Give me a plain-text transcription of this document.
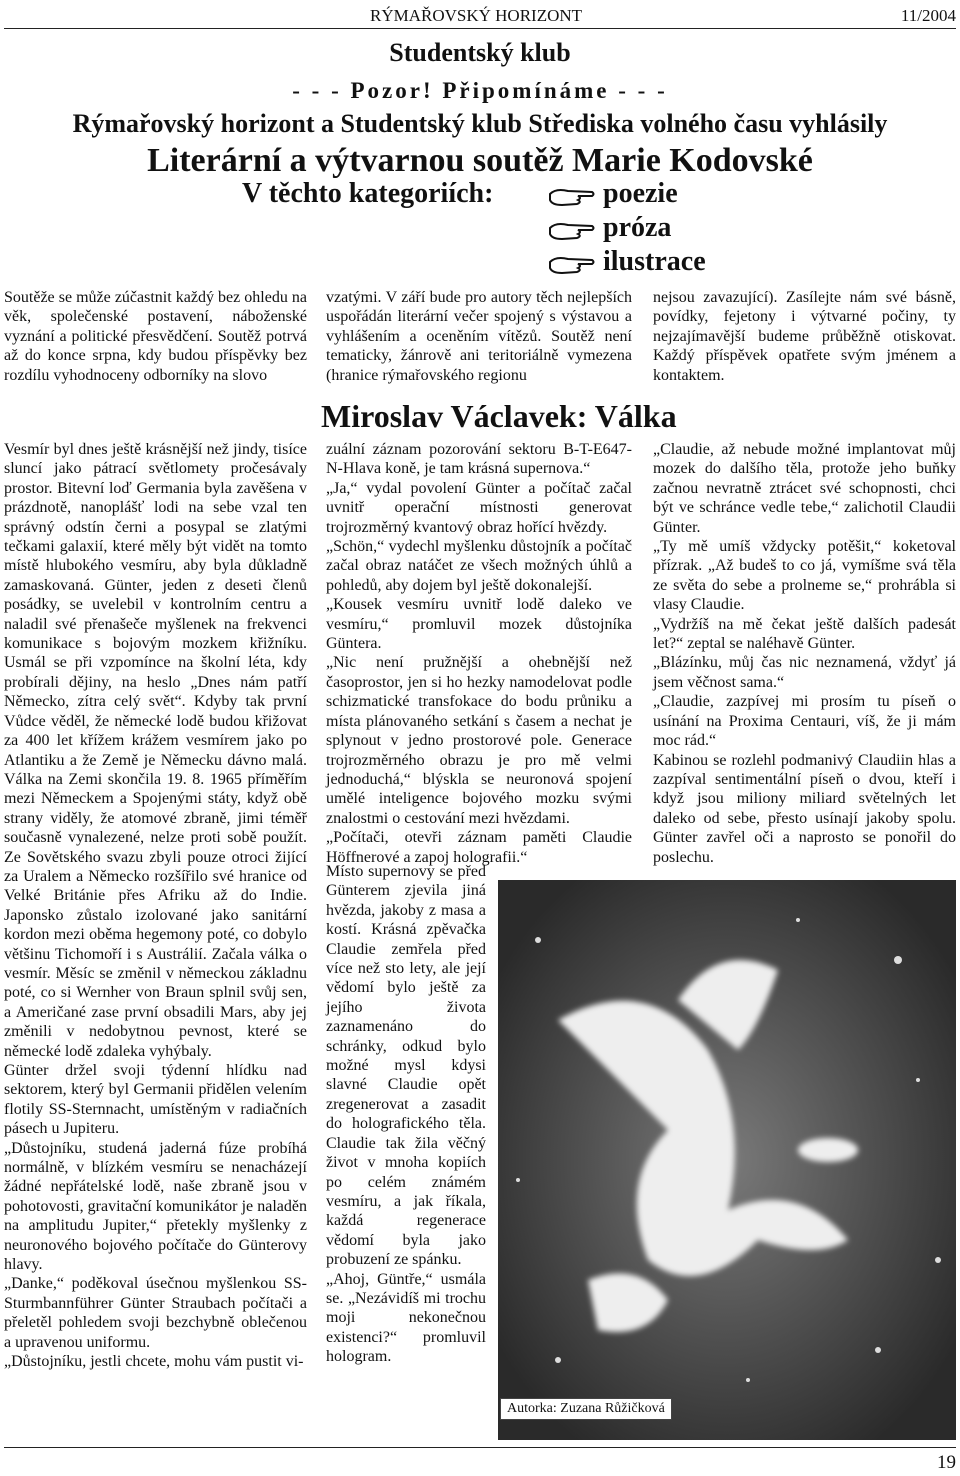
RÝMAŘOVSKÝ HORIZONT	11/2004
Studentský klub
- - - Pozor! Připomínáme - - -
Rýmařovský horizont a Studentský klub Střediska volného času vyhlásily
Literární a výtvarnou soutěž Marie Kodovské
V těchto kategoriích:	poezie
próza
ilustrace

Soutěže se může zúčastnit každý bez ohledu na věk, společenské postavení, náboženské vyznání a politické přesvědčení. Soutěž potrvá až do konce srpna, kdy budou příspěvky bez rozdílu vyhodnoceny odborníky na slovo

vzatými. V září bude pro autory těch nejlepších uspořádán literární večer spojený s výstavou a vyhlášením a oceněním vítězů. Soutěž není tematicky, žánrově ani teritoriálně vymezena (hranice rýmařovského regionu

nejsou zavazující). Zasílejte nám své básně, povídky, fejetony i výtvarné počiny, ty nejzajímavější budeme průběžně otiskovat. Každý příspěvek opatřete svým jménem a kontaktem.

Miroslav Václavek: Válka

Vesmír byl dnes ještě krásnější než jindy, tisíce sluncí jako pátrací světlomety pročesávaly prostor. Bitevní loď Germania byla zavěšena v prázdnotě, nanoplášť lodi na sebe vzal ten správný odstín černi a posypal se zlatými tečkami galaxií, které měly být vidět na tomto místě hlubokého vesmíru, aby byla důkladně zamaskovaná. Günter, jeden z deseti členů posádky, se uvelebil v kontrolním centru a naladil své přenašeče myšlenek na frekvenci komunikace s bojovým mozkem křižníku. Usmál se při vzpomínce na školní léta, kdy probírali dějiny, na heslo „Dnes nám patří Německo, zítra celý svět“. Kdyby tak první Vůdce věděl, že německé lodě budou křižovat za 400 let křížem krážem vesmírem jako po Atlantiku a že Země je Německu dávno malá. Válka na Zemi skončila 19. 8. 1965 příměřím mezi Německem a Spojenými státy, když obě strany viděly, že atomové zbraně, jimi téměř současně vynalezené, nelze proti sobě použít. Ze Sovětského svazu zbyli pouze otroci žijící za Uralem a Německo rozšířilo své hranice od Velké Británie přes Afriku až do Indie. Japonsko zůstalo izolované jako sanitární kordon mezi oběma hegemony poté, co dobylo většinu Tichomoří i s Austrálií. Začala válka o vesmír. Měsíc se změnil v německou základnu poté, co si Wernher von Braun splnil svůj sen, a Američané zase první obsadili Mars, aby jej změnili v nedobytnou pevnost, které se německé lodě zdaleka vyhýbaly.

Günter držel svoji týdenní hlídku nad sektorem, který byl Germanii přidělen velením flotily SS-Sternnacht, umístěným v radiačních pásech u Jupiteru.

„Důstojníku, studená jaderná fúze probíhá normálně, v blízkém vesmíru se nenacházejí žádné nepřátelské lodě, naše zbraně jsou v pohotovosti, gravitační komunikátor je naladěn na amplitudu Jupiter,“ přetekly myšlenky z neuronového bojového počítače do Günterovy hlavy.

„Danke,“ poděkoval úsečnou myšlenkou SS-Sturmbannführer Günter Straubach počítači a přeletěl pohledem svoji bezchybně oblečenou a upravenou uniformu.

„Důstojníku, jestli chcete, mohu vám pustit vi-

zuální záznam pozorování sektoru B-T-E647-N-Hlava koně, je tam krásná supernova.“

„Ja,“ vydal povolení Günter a počítač začal uvnitř operační místnosti generovat trojrozměrný kvantový obraz hořící hvězdy.

„Schön,“ vydechl myšlenku důstojník a počítač začal obraz natáčet ze všech možných úhlů a pohledů, aby dojem byl ještě dokonalejší.

„Kousek vesmíru uvnitř lodě daleko ve vesmíru,“ promluvil mozek důstojníka Güntera.

„Nic není pružnější a ohebnější než časoprostor, jen si ho hezky namodelovat podle schizmatické transfokace do bodu průniku a místa plánovaného setkání s časem a nechat je splynout v jedno prostorové pole. Generace trojrozměrného obrazu je pro mě velmi jednoduchá,“ blýskla se neuronová spojení umělé inteligence bojového mozku svými znalostmi o cestování mezi hvězdami.

„Počítači, otevři záznam paměti Claudie Höffnerové a zapoj holografii.“

Místo supernovy se před Günterem zjevila jiná hvězda, jakoby z masa a kostí. Krásná zpěvačka Claudie zemřela před více než sto lety, ale její vědomí bylo ještě za jejího života zaznamenáno do schránky, odkud bylo možné mysl kdysi slavné Claudie opět zregenerovat a zasadit do holografického těla. Claudie tak žila věčný život v mnoha kopiích po celém známém vesmíru, a jak říkala, každá regenerace vědomí byla jako probuzení ze spánku.

„Ahoj, Güntře,“ usmála se. „Nezávidíš mi trochu moji nekonečnou existenci?“ promluvil hologram.

„Claudie, až nebude možné implantovat můj mozek do dalšího těla, protože jeho buňky začnou nevratně ztrácet své schopnosti, chci být ve schránce vedle tebe,“ zalichotil Claudii Günter.

„Ty mě umíš vždycky potěšit,“ koketoval přízrak. „Až budeš to co já, vymíšme svá těla ze světa do sebe a prolneme se,“ prohrábla si vlasy Claudie.

„Vydržíš na mě čekat ještě dalších padesát let?“ zeptal se naléhavě Günter.

„Blázínku, můj čas nic neznamená, vždyť já jsem věčnost sama.“

„Claudie, zazpívej mi prosím tu píseň o usínání na Proxima Centauri, víš, že ji mám moc rád.“

Kabinou se rozlehl podmanivý Claudiin hlas a zazpíval sentimentální píseň o dvou, kteří i když jsou miliony miliard světelných let daleko od sebe, přesto usínají jakoby spolu. Günter zavřel oči a naprosto se ponořil do poslechu.

Autorka: Zuzana Růžičková
19
